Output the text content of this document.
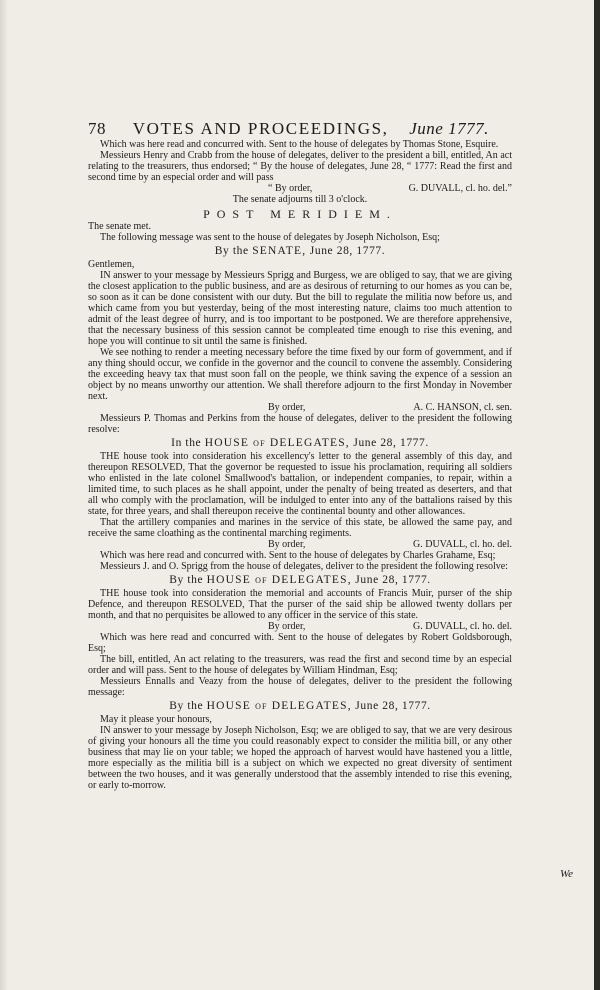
78 VOTES AND PROCEEDINGS, June 1777.

Which was here read and concurred with. Sent to the house of delegates by Thomas Stone, Esquire.

Messieurs Henry and Crabb from the house of delegates, deliver to the president a bill, entitled, An act relating to the treasurers, thus endorsed; “ By the house of delegates, June 28, “ 1777: Read the first and second time by an especial order and will pass

“ By order,	G. DUVALL, cl. ho. del.”

The senate adjourns till 3 o'clock.

POST MERIDIEM.

The senate met.

The following message was sent to the house of delegates by Joseph Nicholson, Esq;

By the SENATE, June 28, 1777.

Gentlemen,

IN answer to your message by Messieurs Sprigg and Burgess, we are obliged to say, that we are giving the closest application to the public business, and are as desirous of returning to our homes as you can be, so soon as it can be done consistent with our duty. But the bill to regulate the militia now before us, and which came from you but yesterday, being of the most interesting nature, claims too much attention to admit of the least degree of hurry, and is too important to be postponed. We are therefore apprehensive, that the necessary business of this session cannot be compleated time enough to rise this evening, and hope you will continue to sit until the same is finished.

We see nothing to render a meeting necessary before the time fixed by our form of government, and if any thing should occur, we confide in the governor and the council to convene the assembly. Considering the exceeding heavy tax that must soon fall on the people, we think saving the expence of a session an object by no means unworthy our attention. We shall therefore adjourn to the first Monday in November next.

By order,	A. C. HANSON, cl. sen.

Messieurs P. Thomas and Perkins from the house of delegates, deliver to the president the following resolve:

In the HOUSE of DELEGATES, June 28, 1777.

THE house took into consideration his excellency's letter to the general assembly of this day, and thereupon RESOLVED, That the governor be requested to issue his proclamation, requiring all soldiers who enlisted in the late colonel Smallwood's battalion, or independent companies, to repair, within a limited time, to such places as he shall appoint, under the penalty of being treated as deserters, and that all who comply with the proclamation, will be indulged to enter into any of the battalions raised by this state, for three years, and shall thereupon receive the continental bounty and other allowances.

That the artillery companies and marines in the service of this state, be allowed the same pay, and receive the same cloathing as the continental marching regiments.

By order,	G. DUVALL, cl. ho. del.

Which was here read and concurred with. Sent to the house of delegates by Charles Grahame, Esq;

Messieurs J. and O. Sprigg from the house of delegates, deliver to the president the following resolve:

By the HOUSE of DELEGATES, June 28, 1777.

THE house took into consideration the memorial and accounts of Francis Muir, purser of the ship Defence, and thereupon RESOLVED, That the purser of the said ship be allowed twenty dollars per month, and that no perquisites be allowed to any officer in the service of this state.

By order,	G. DUVALL, cl. ho. del.

Which was here read and concurred with. Sent to the house of delegates by Robert Goldsborough, Esq;

The bill, entitled, An act relating to the treasurers, was read the first and second time by an especial order and will pass. Sent to the house of delegates by William Hindman, Esq;

Messieurs Ennalls and Veazy from the house of delegates, deliver to the president the following message:

By the HOUSE of DELEGATES, June 28, 1777.

May it please your honours,

IN answer to your message by Joseph Nicholson, Esq; we are obliged to say, that we are very desirous of giving your honours all the time you could reasonably expect to consider the militia bill, or any other business that may lie on your table; we hoped the approach of harvest would have hastened you a little, more especially as the militia bill is a subject on which we expected no great diversity of sentiment between the two houses, and it was generally understood that the assembly intended to rise this evening, or early to-morrow.

We
